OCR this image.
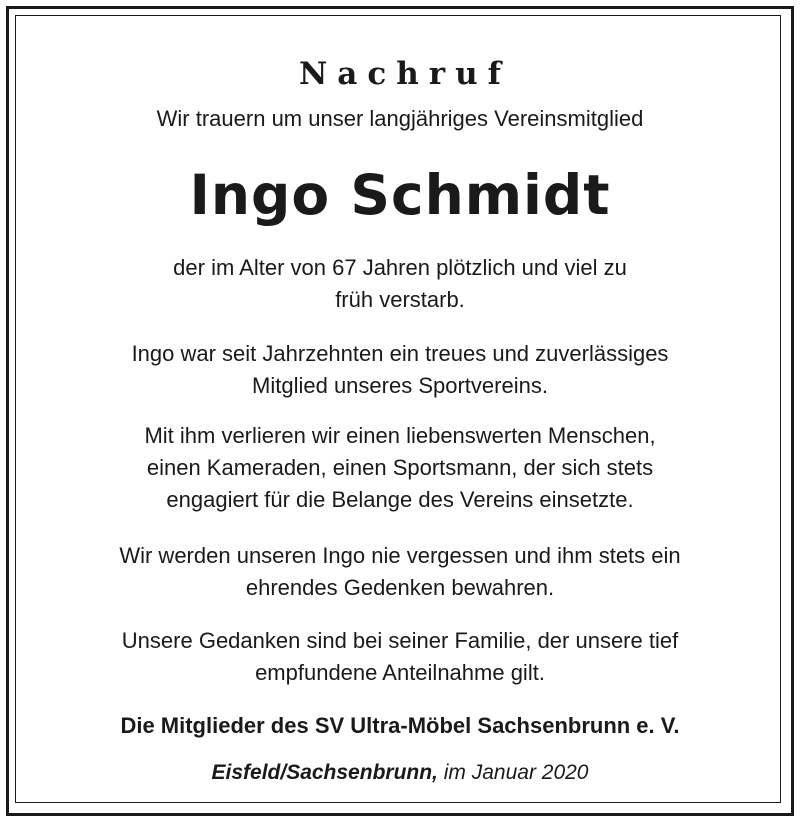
Nachruf
Wir trauern um unser langjähriges Vereinsmitglied
Ingo Schmidt
der im Alter von 67 Jahren plötzlich und viel zu
früh verstarb.
Ingo war seit Jahrzehnten ein treues und zuverlässiges
Mitglied unseres Sportvereins.
Mit ihm verlieren wir einen liebenswerten Menschen,
einen Kameraden, einen Sportsmann, der sich stets
engagiert für die Belange des Vereins einsetzte.
Wir werden unseren Ingo nie vergessen und ihm stets ein
ehrendes Gedenken bewahren.
Unsere Gedanken sind bei seiner Familie, der unsere tief
empfundene Anteilnahme gilt.
Die Mitglieder des SV Ultra-Möbel Sachsenbrunn e. V.
Eisfeld/Sachsenbrunn, im Januar 2020
